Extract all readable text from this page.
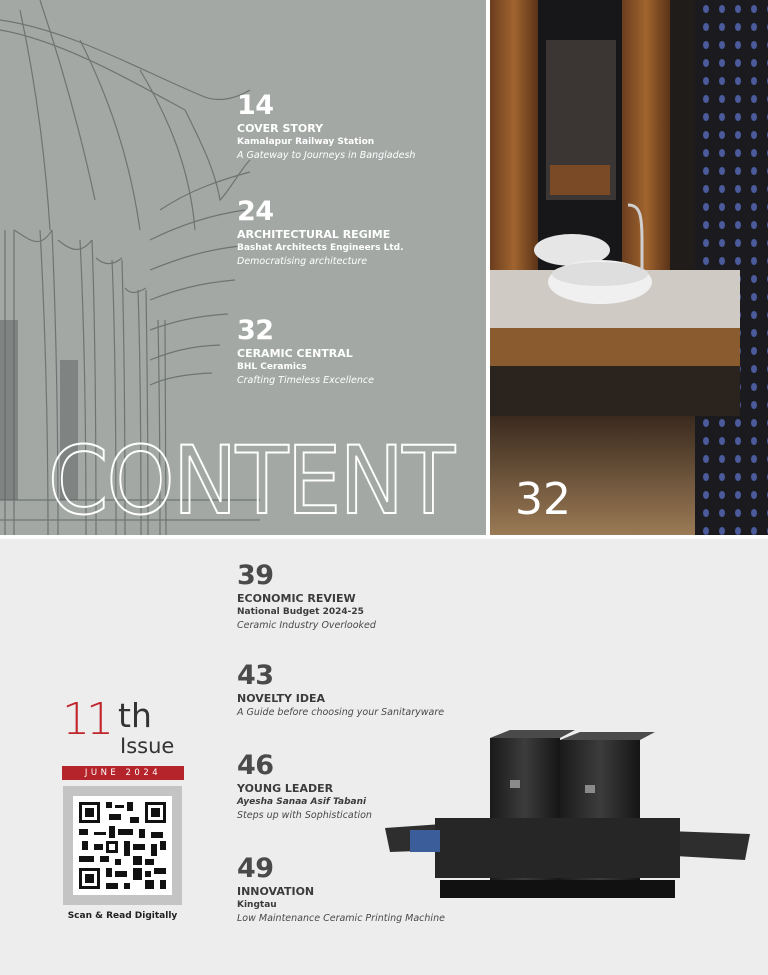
14
COVER STORY
Kamalapur Railway Station
A Gateway to Journeys in Bangladesh
24
ARCHITECTURAL REGIME
Bashat Architects Engineers Ltd.
Democratising architecture
32
CERAMIC CENTRAL
BHL Ceramics
Crafting Timeless Excellence
CONTENT	32
39
ECONOMIC REVIEW
National Budget 2024-25
Ceramic Industry Overlooked
43
NOVELTY IDEA
A Guide before choosing your Sanitaryware
46
YOUNG LEADER
Ayesha Sanaa Asif Tabani
Steps up with Sophistication
49
INNOVATION
Kingtau
Low Maintenance Ceramic Printing Machine
11 th
Issue
JUNE 2024
Scan & Read Digitally
